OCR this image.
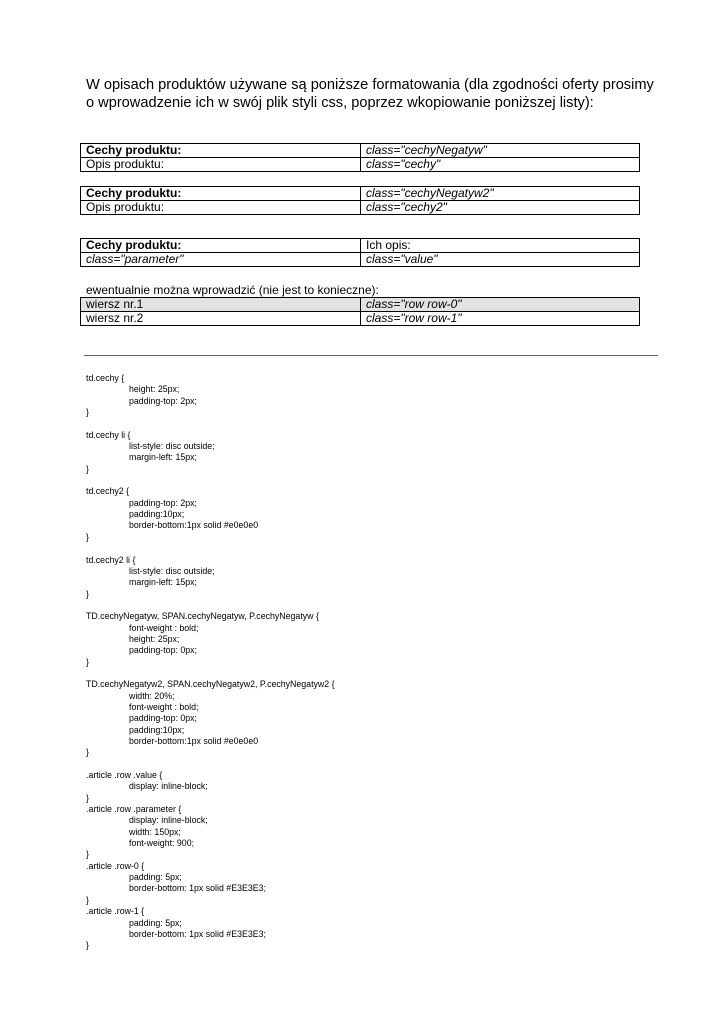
W opisach produktów używane są poniższe formatowania (dla zgodności oferty prosimy
o wprowadzenie ich w swój plik styli css, poprzez wkopiowanie poniższej listy):

Cechy produktu:	class="cechyNegatyw"
Opis produktu:	class="cechy"
Cechy produktu:	class="cechyNegatyw2"
Opis produktu:	class="cechy2"
Cechy produktu:	Ich opis:
class="parameter"	class="value"
ewentualnie można wprowadzić (nie jest to konieczne):
wiersz nr.1	class="row row-0"
wiersz nr.2	class="row row-1"
td.cechy {
height: 25px;
padding-top: 2px;
}
td.cechy li {
list-style: disc outside;
margin-left: 15px;
}
td.cechy2 {
padding-top: 2px;
padding:10px;
border-bottom:1px solid #e0e0e0
}
td.cechy2 li {
list-style: disc outside;
margin-left: 15px;
}
TD.cechyNegatyw, SPAN.cechyNegatyw, P.cechyNegatyw {
font-weight : bold;
height: 25px;
padding-top: 0px;
}
TD.cechyNegatyw2, SPAN.cechyNegatyw2, P.cechyNegatyw2 {
width: 20%;
font-weight : bold;
padding-top: 0px;
padding:10px;
border-bottom:1px solid #e0e0e0
}
.article .row .value {
display: inline-block;
}
.article .row .parameter {
display: inline-block;
width: 150px;
font-weight: 900;
}
.article .row-0 {
padding: 5px;
border-bottom: 1px solid #E3E3E3;
}
.article .row-1 {
padding: 5px;
border-bottom: 1px solid #E3E3E3;
}
